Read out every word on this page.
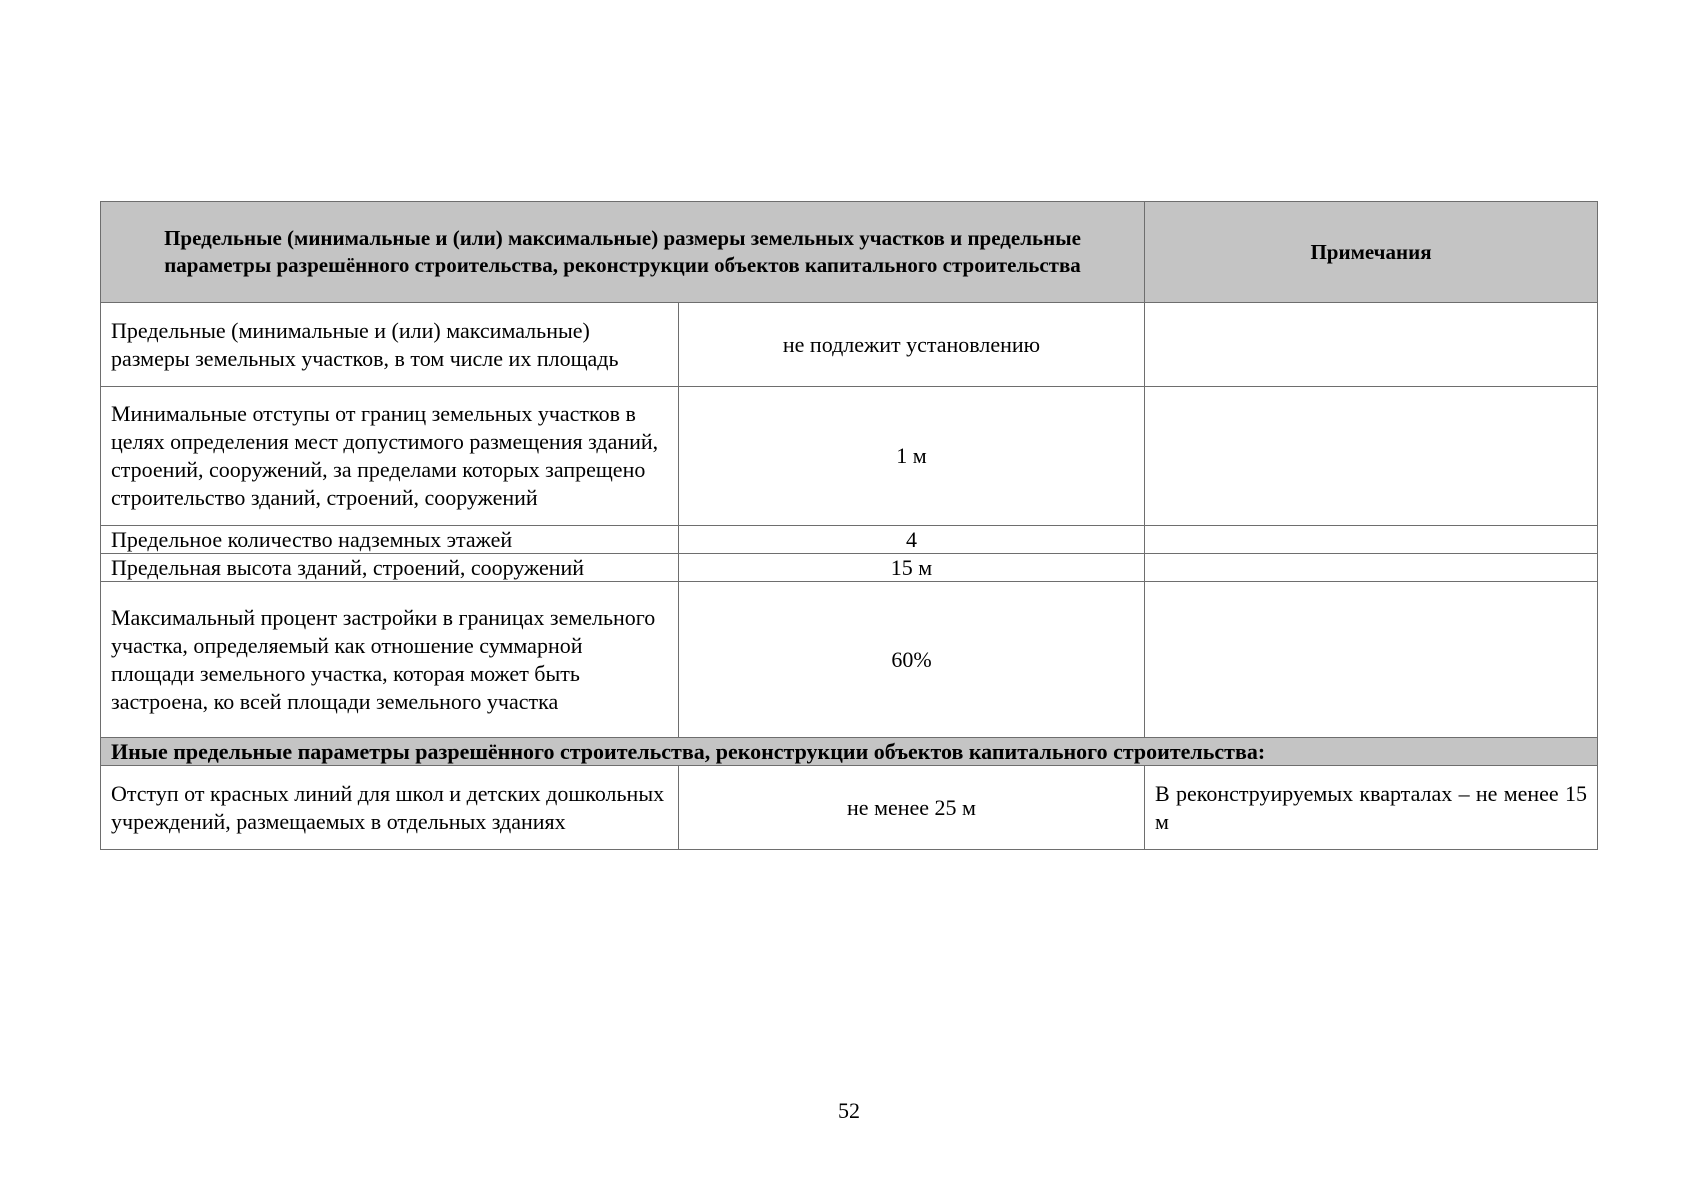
Предельные (минимальные и (или) максимальные) размеры земельных участков и предельные параметры разрешённого строительства, реконструкции объектов капитального строительства		Примечания
Предельные (минимальные и (или) максимальные) размеры земельных участков, в том числе их площадь	не подлежит установлению	
Минимальные отступы от границ земельных участков в целях определения мест допустимого размещения зданий, строений, сооружений, за пределами которых запрещено строительство зданий, строений, сооружений	1 м	
Предельное количество надземных этажей	4	
Предельная высота зданий, строений, сооружений	15 м	
Максимальный процент застройки в границах земельного участка, определяемый как отношение суммарной площади земельного участка, которая может быть застроена, ко всей площади земельного участка	60%	
Иные предельные параметры разрешённого строительства, реконструкции объектов капитального строительства:		
Отступ от красных линий для школ и детских дошкольных учреждений, размещаемых в отдельных зданиях	не менее 25 м	В реконструируемых кварталах – не менее 15 м
52
